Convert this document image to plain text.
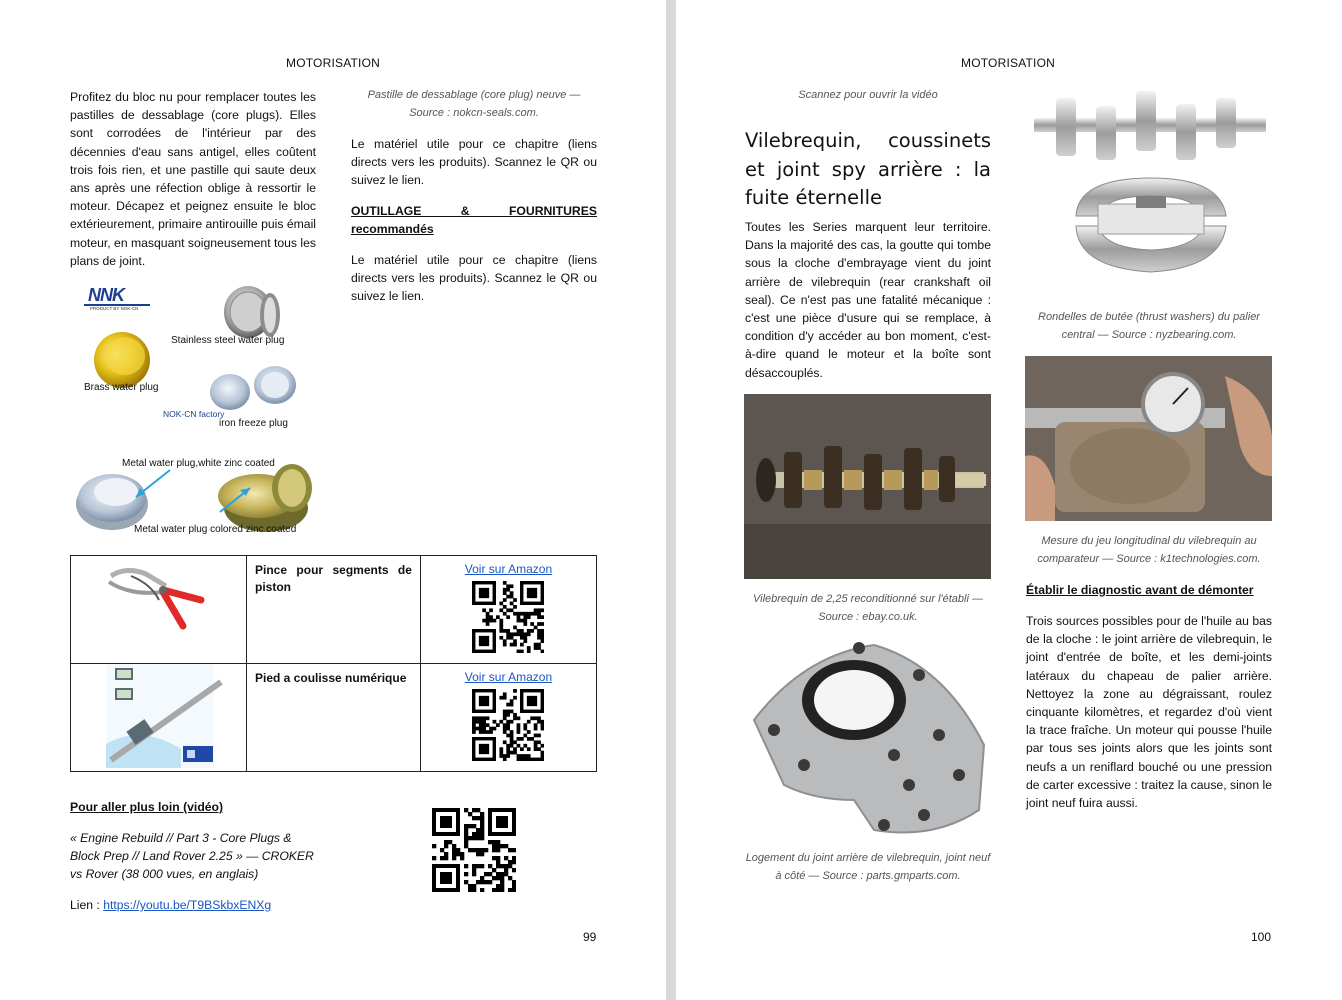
MOTORISATION
Profitez du bloc nu pour remplacer toutes les pastilles de dessablage (core plugs). Elles sont corrodées de l'intérieur par des décennies d'eau sans antigel, elles coûtent trois fois rien, et une pastille qui saute deux ans après une réfection oblige à ressortir le moteur. Décapez et peignez ensuite le bloc extérieurement, primaire antirouille puis émail moteur, en masquant soigneusement tous les plans de joint.
NNK
PRODUCT BY NOK-CN
Stainless steel water plug
Brass water plug
NOK-CN factory
iron freeze plug
Metal water plug,white zinc coated
Metal water plug colored zinc coated
Pastille de dessablage (core plug) neuve — Source : nokcn-seals.com.
Le matériel utile pour ce chapitre (liens directs vers les produits). Scannez le QR ou suivez le lien.
OUTILLAGE & FOURNITURES recommandés
Le matériel utile pour ce chapitre (liens directs vers les produits). Scannez le QR ou suivez le lien.

Pince pour segments de piston	Voir sur Amazon

Pied a coulisse numérique	Voir sur Amazon
Pour aller plus loin (vidéo)
« Engine Rebuild // Part 3 - Core Plugs & Block Prep // Land Rover 2.25 » — CROKER vs Rover (38 000 vues, en anglais)
Lien : https://youtu.be/T9BSkbxENXg
99
MOTORISATION
Scannez pour ouvrir la vidéo
Vilebrequin, coussinets et joint spy arrière : la fuite éternelle
Toutes les Series marquent leur territoire. Dans la majorité des cas, la goutte qui tombe sous la cloche d'embrayage vient du joint arrière de vilebrequin (rear crankshaft oil seal). Ce n'est pas une fatalité mécanique : c'est une pièce d'usure qui se remplace, à condition d'y accéder au bon moment, c'est-à-dire quand le moteur et la boîte sont désaccouplés.
Vilebrequin de 2,25 reconditionné sur l'établi — Source : ebay.co.uk.
Logement du joint arrière de vilebrequin, joint neuf à côté — Source : parts.gmparts.com.
Rondelles de butée (thrust washers) du palier central — Source : nyzbearing.com.
Mesure du jeu longitudinal du vilebrequin au comparateur — Source : k1technologies.com.
Établir le diagnostic avant de démonter
Trois sources possibles pour de l'huile au bas de la cloche : le joint arrière de vilebrequin, le joint d'entrée de boîte, et les demi-joints latéraux du chapeau de palier arrière. Nettoyez la zone au dégraissant, roulez cinquante kilomètres, et regardez d'où vient la trace fraîche. Un moteur qui pousse l'huile par tous ses joints alors que les joints sont neufs a un reniflard bouché ou une pression de carter excessive : traitez la cause, sinon le joint neuf fuira aussi.
100
